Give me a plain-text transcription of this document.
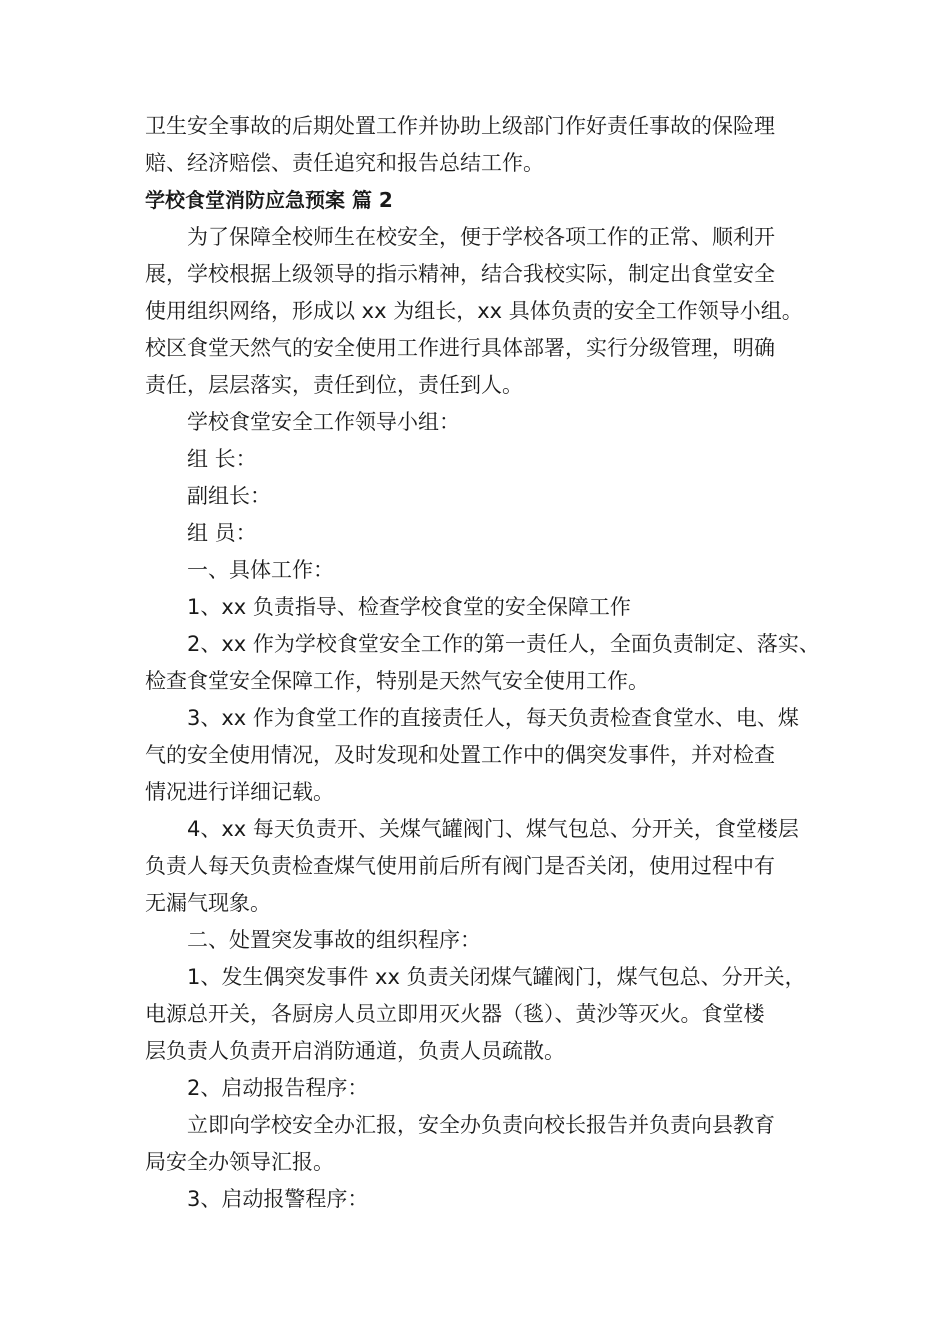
卫生安全事故的后期处置工作并协助上级部门作好责任事故的保险理
赔、经济赔偿、责任追究和报告总结工作。
学校食堂消防应急预案 篇 2
为了保障全校师生在校安全，便于学校各项工作的正常、顺利开
展，学校根据上级领导的指示精神，结合我校实际，制定出食堂安全
使用组织网络，形成以 xx 为组长，xx 具体负责的安全工作领导小组。
校区食堂天然气的安全使用工作进行具体部署，实行分级管理，明确
责任，层层落实，责任到位，责任到人。
学校食堂安全工作领导小组：
组 长：
副组长：
组 员：
一、具体工作：
1、xx 负责指导、检查学校食堂的安全保障工作
2、xx 作为学校食堂安全工作的第一责任人，全面负责制定、落实、
检查食堂安全保障工作，特别是天然气安全使用工作。
3、xx 作为食堂工作的直接责任人，每天负责检查食堂水、电、煤
气的安全使用情况，及时发现和处置工作中的偶突发事件，并对检查
情况进行详细记载。
4、xx 每天负责开、关煤气罐阀门、煤气包总、分开关，食堂楼层
负责人每天负责检查煤气使用前后所有阀门是否关闭，使用过程中有
无漏气现象。
二、处置突发事故的组织程序：
1、发生偶突发事件 xx 负责关闭煤气罐阀门，煤气包总、分开关，
电源总开关，各厨房人员立即用灭火器（毯）、黄沙等灭火。食堂楼
层负责人负责开启消防通道，负责人员疏散。
2、启动报告程序：
立即向学校安全办汇报，安全办负责向校长报告并负责向县教育
局安全办领导汇报。
3、启动报警程序：
